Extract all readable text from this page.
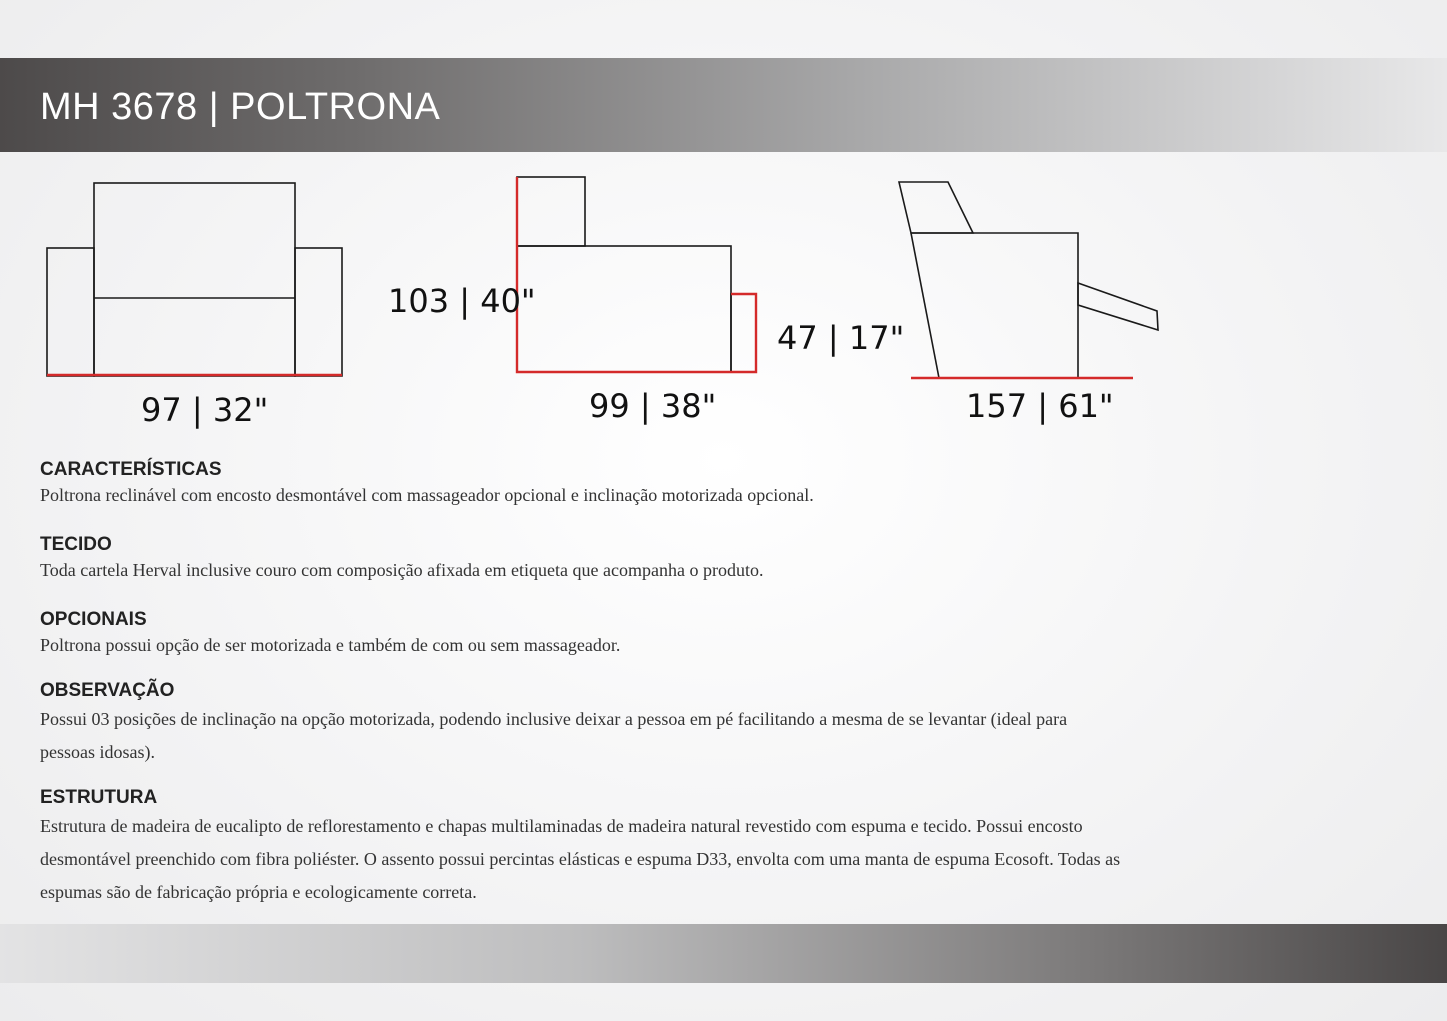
MH 3678 | POLTRONA
97 | 32"
103 | 40"
99 | 38"
47 | 17"
157 | 61"
CARACTERÍSTICAS

Poltrona reclinável com encosto desmontável com massageador opcional e inclinação motorizada opcional.

TECIDO

Toda cartela Herval inclusive couro com composição afixada em etiqueta que acompanha o produto.

OPCIONAIS

Poltrona possui opção de ser motorizada e também de com ou sem massageador.

OBSERVAÇÃO

Possui 03 posições de inclinação na opção motorizada, podendo inclusive deixar a pessoa em pé facilitando a mesma de se levantar (ideal para pessoas idosas).

ESTRUTURA

Estrutura de madeira de eucalipto de reflorestamento e chapas multilaminadas de madeira natural revestido com espuma e tecido. Possui encosto desmontável preenchido com fibra poliéster. O assento possui percintas elásticas e espuma D33, envolta com uma manta de espuma Ecosoft. Todas as espumas são de fabricação própria e ecologicamente correta.
